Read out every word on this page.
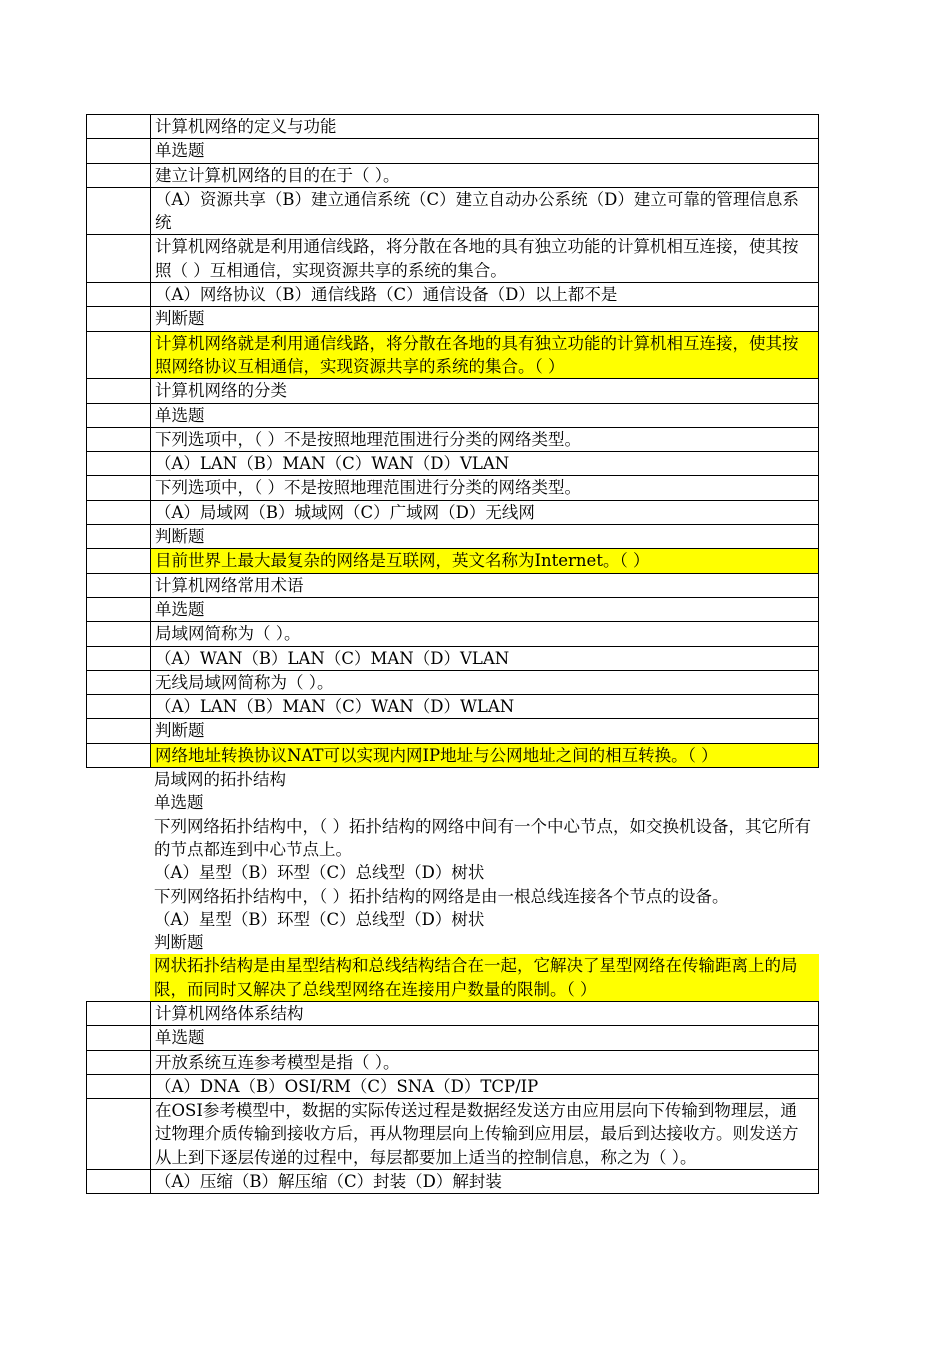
计算机网络的定义与功能
单选题
建立计算机网络的目的在于（ ）。
（A）资源共享（B）建立通信系统（C）建立自动办公系统（D）建立可靠的管理信息系统
计算机网络就是利用通信线路，将分散在各地的具有独立功能的计算机相互连接，使其按照（ ）互相通信，实现资源共享的系统的集合。
（A）网络协议（B）通信线路（C）通信设备（D）以上都不是
判断题
计算机网络就是利用通信线路，将分散在各地的具有独立功能的计算机相互连接，使其按照网络协议互相通信，实现资源共享的系统的集合。（ ）
计算机网络的分类
单选题
下列选项中，（ ）不是按照地理范围进行分类的网络类型。
（A）LAN（B）MAN（C）WAN（D）VLAN
下列选项中，（ ）不是按照地理范围进行分类的网络类型。
（A）局域网（B）城域网（C）广域网（D）无线网
判断题
目前世界上最大最复杂的网络是互联网，英文名称为Internet。（ ）
计算机网络常用术语
单选题
局域网简称为（ ）。
（A）WAN（B）LAN（C）MAN（D）VLAN
无线局域网简称为（ ）。
（A）LAN（B）MAN（C）WAN（D）WLAN
判断题
网络地址转换协议NAT可以实现内网IP地址与公网地址之间的相互转换。（ ）
局域网的拓扑结构
单选题
下列网络拓扑结构中，（ ）拓扑结构的网络中间有一个中心节点，如交换机设备，其它所有的节点都连到中心节点上。
（A）星型（B）环型（C）总线型（D）树状
下列网络拓扑结构中，（ ）拓扑结构的网络是由一根总线连接各个节点的设备。
（A）星型（B）环型（C）总线型（D）树状
判断题
网状拓扑结构是由星型结构和总线结构结合在一起，它解决了星型网络在传输距离上的局限，而同时又解决了总线型网络在连接用户数量的限制。（ ）
计算机网络体系结构
单选题
开放系统互连参考模型是指（ ）。
（A）DNA（B）OSI/RM（C）SNA（D）TCP/IP
在OSI参考模型中，数据的实际传送过程是数据经发送方由应用层向下传输到物理层，通过物理介质传输到接收方后，再从物理层向上传输到应用层，最后到达接收方。则发送方从上到下逐层传递的过程中，每层都要加上适当的控制信息，称之为（ ）。
（A）压缩（B）解压缩（C）封装（D）解封装
